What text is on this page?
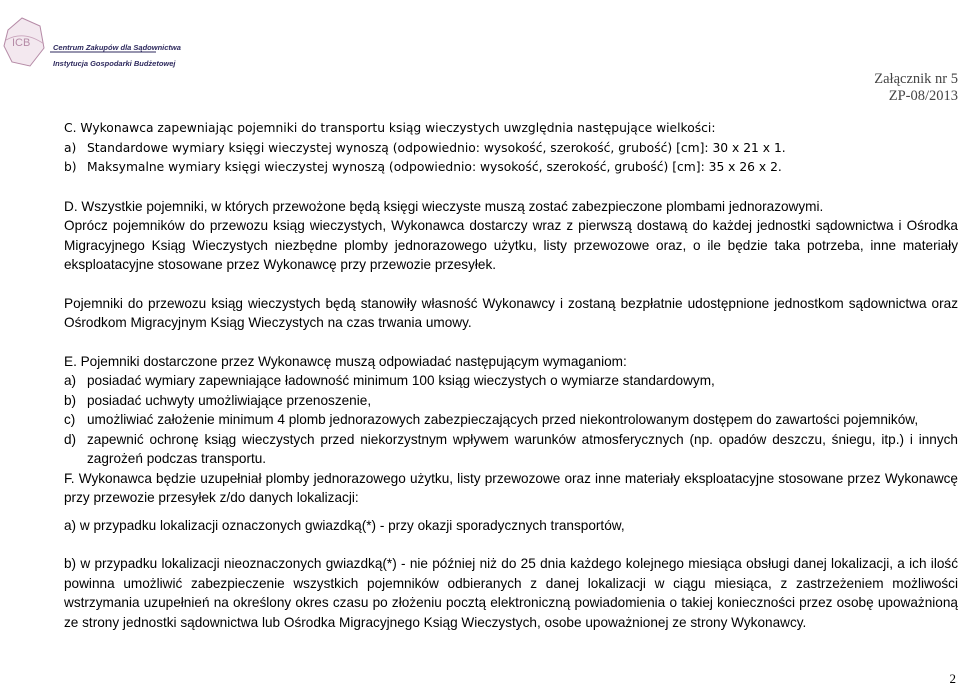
ICB	Centrum Zakupów dla Sądownictwa
Instytucja Gospodarki Budżetowej
Załącznik nr 5
ZP-08/2013

C. Wykonawca zapewniając pojemniki do transportu ksiąg wieczystych uwzględnia następujące wielkości:

a) Standardowe wymiary księgi wieczystej wynoszą (odpowiednio: wysokość, szerokość, grubość) [cm]: 30 x 21 x 1.
b) Maksymalne wymiary księgi wieczystej wynoszą (odpowiednio: wysokość, szerokość, grubość) [cm]: 35 x 26 x 2.

D. Wszystkie pojemniki, w których przewożone będą księgi wieczyste muszą zostać zabezpieczone plombami jednorazowymi.

Oprócz pojemników do przewozu ksiąg wieczystych, Wykonawca dostarczy wraz z pierwszą dostawą do każdej jednostki sądownictwa i Ośrodka Migracyjnego Ksiąg Wieczystych niezbędne plomby jednorazowego użytku, listy przewozowe oraz, o ile będzie taka potrzeba, inne materiały eksploatacyjne stosowane przez Wykonawcę przy przewozie przesyłek.

Pojemniki do przewozu ksiąg wieczystych będą stanowiły własność Wykonawcy i zostaną bezpłatnie udostępnione jednostkom sądownictwa oraz Ośrodkom Migracyjnym Ksiąg Wieczystych na czas trwania umowy.

E. Pojemniki dostarczone przez Wykonawcę muszą odpowiadać następującym wymaganiom:

a) posiadać wymiary zapewniające ładowność minimum 100 ksiąg wieczystych o wymiarze standardowym,
b) posiadać uchwyty umożliwiające przenoszenie,
c) umożliwiać założenie minimum 4 plomb jednorazowych zabezpieczających przed niekontrolowanym dostępem do zawartości pojemników,
d) zapewnić ochronę ksiąg wieczystych przed niekorzystnym wpływem warunków atmosferycznych (np. opadów deszczu, śniegu, itp.) i innych zagrożeń podczas transportu.

F. Wykonawca będzie uzupełniał plomby jednorazowego użytku, listy przewozowe oraz inne materiały eksploatacyjne stosowane przez Wykonawcę przy przewozie przesyłek z/do danych lokalizacji:

a) w przypadku lokalizacji oznaczonych gwiazdką(*) - przy okazji sporadycznych transportów,

b) w przypadku lokalizacji nieoznaczonych gwiazdką(*) - nie później niż do 25 dnia każdego kolejnego miesiąca obsługi danej lokalizacji, a ich ilość powinna umożliwić zabezpieczenie wszystkich pojemników odbieranych z danej lokalizacji w ciągu miesiąca, z zastrzeżeniem możliwości wstrzymania uzupełnień na określony okres czasu po złożeniu pocztą elektroniczną powiadomienia o takiej konieczności przez osobę upoważnioną ze strony jednostki sądownictwa lub Ośrodka Migracyjnego Ksiąg Wieczystych, osobe upoważnionej ze strony Wykonawcy.

2
